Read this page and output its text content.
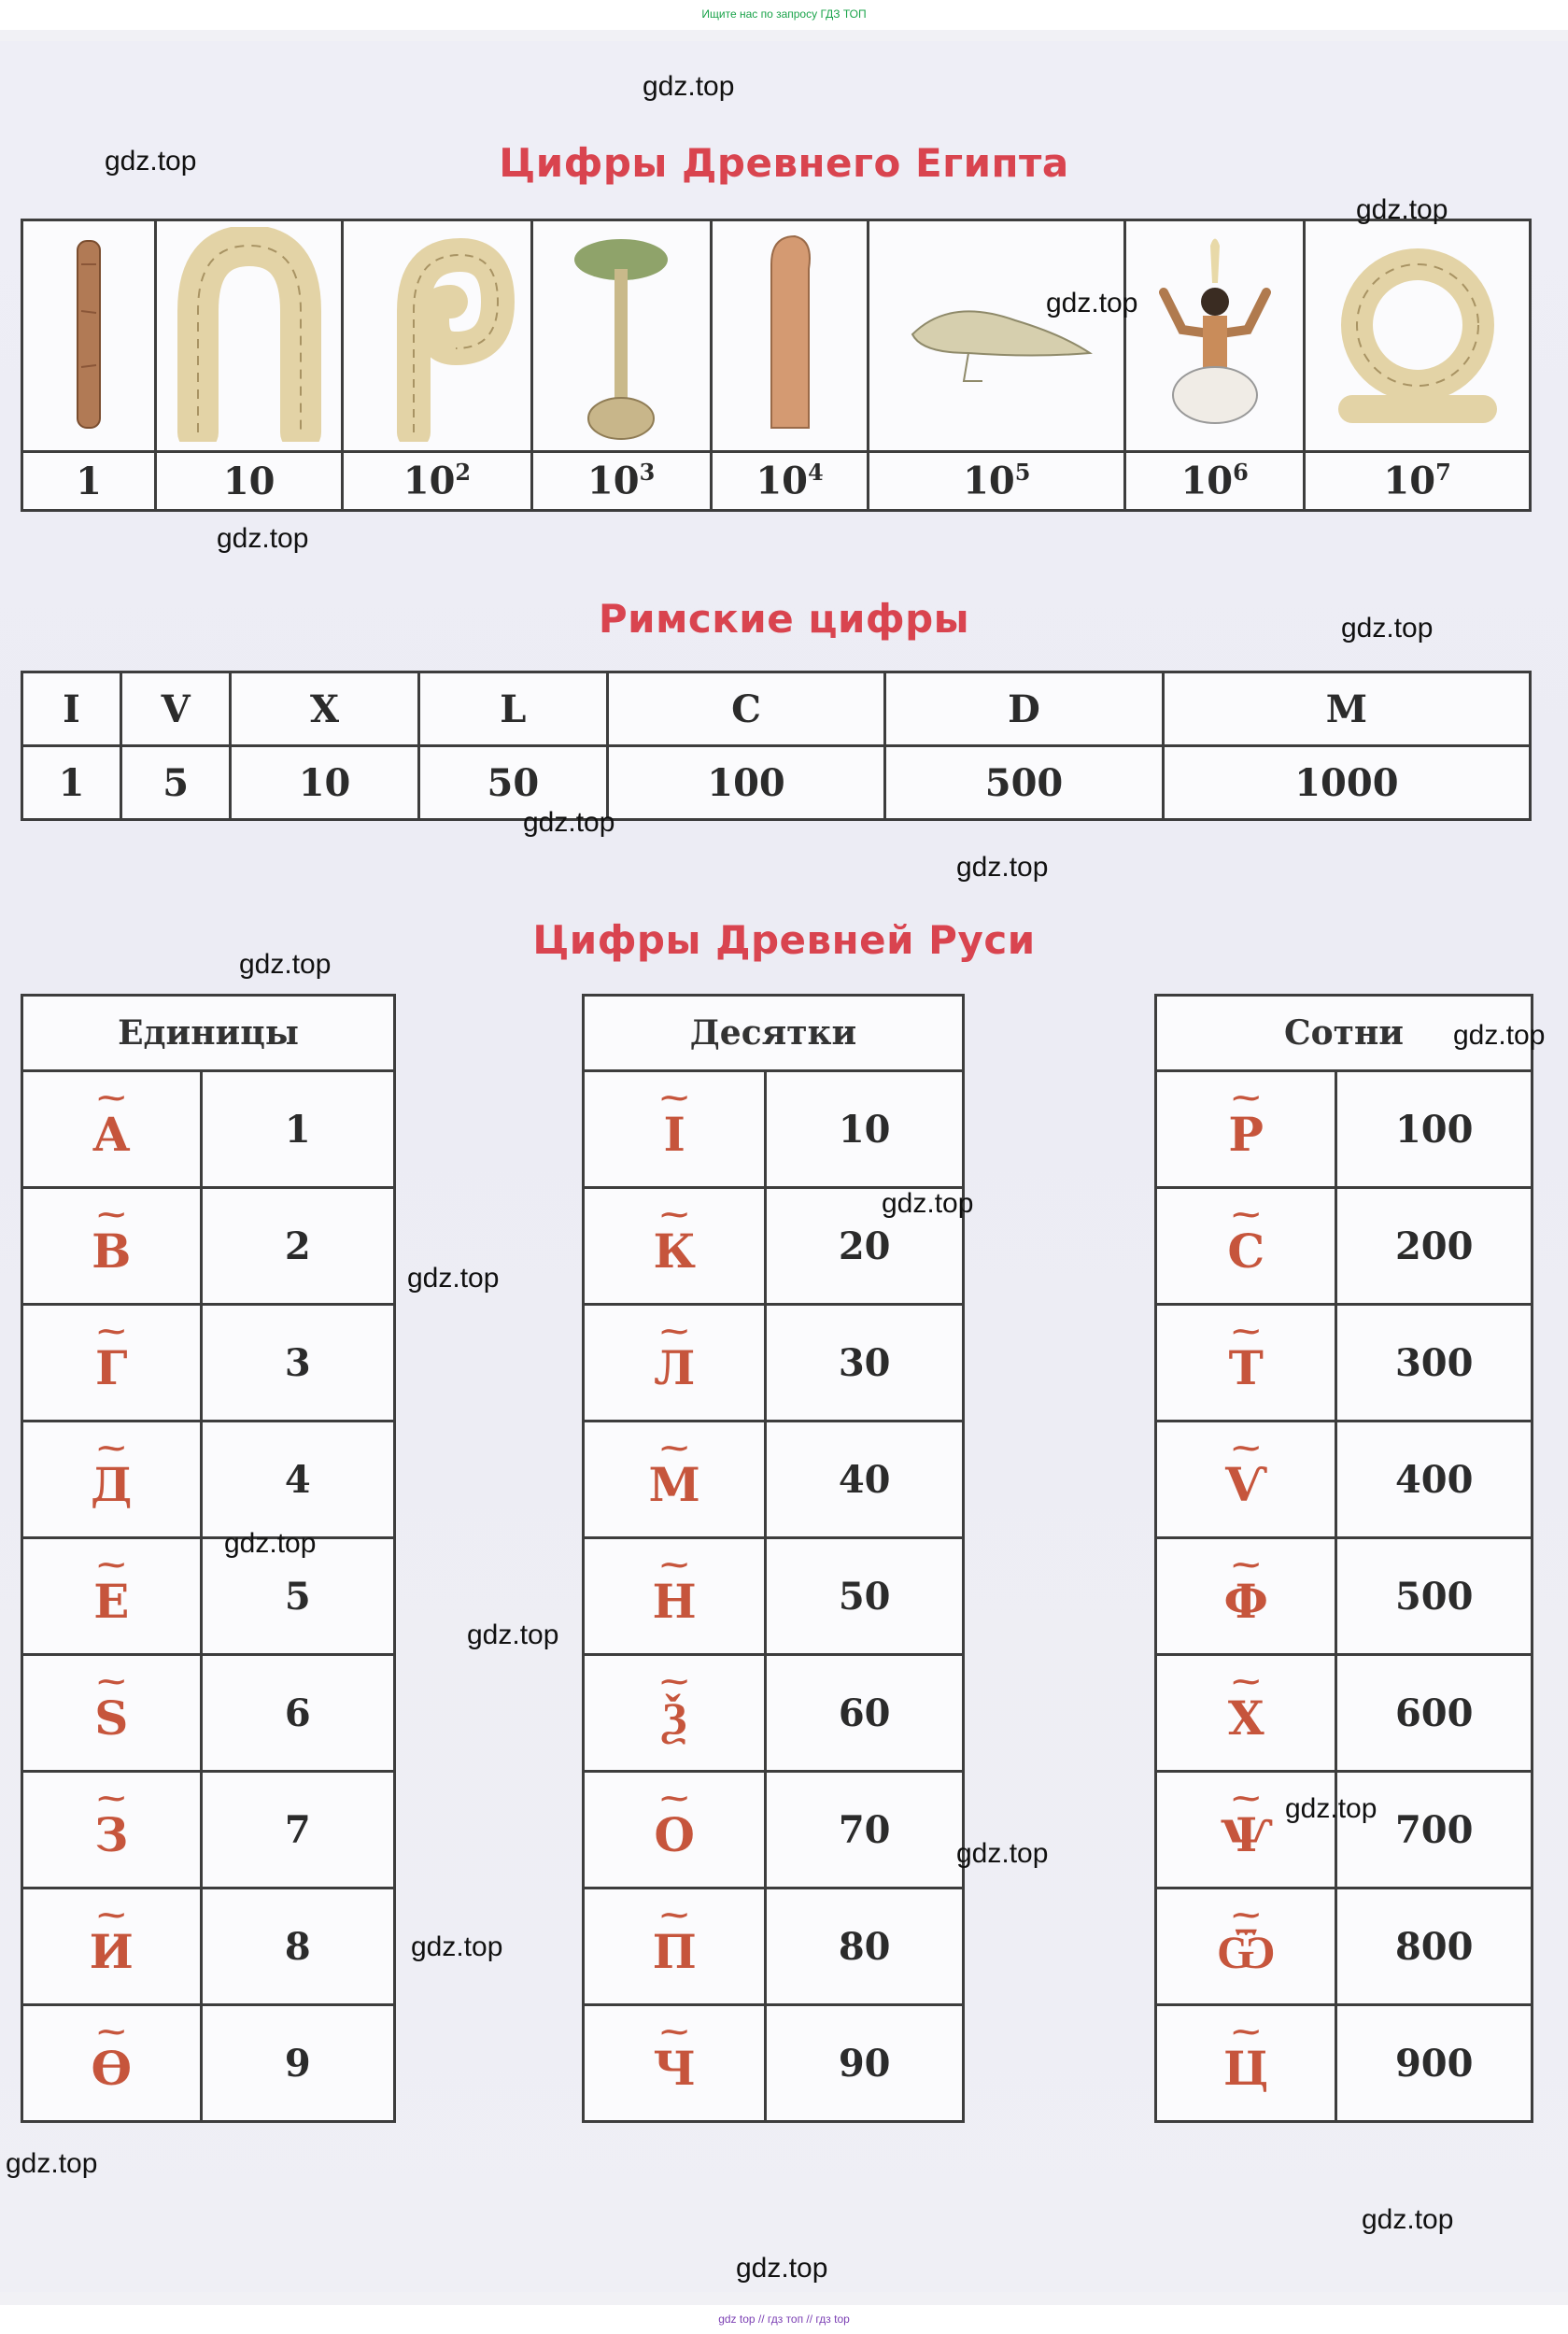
Ищите нас по запросу ГДЗ ТОП
Цифры Древнего Египта

1	10	$10^2$	$10^3$	$10^4$	$10^5$	$10^6$	$10^7$
Римские цифры
I	V	X	L	C	D	M
1	5	10	50	100	500	1000
Цифры Древней Руси
Единицы	

⁓
А	1

⁓
В	2

⁓
Г	3

⁓
Д	4

⁓
Е	5

⁓
Ѕ	6

⁓
З	7

⁓
И	8

⁓
Ѳ	9
Десятки	

⁓
І	10

⁓
К	20

⁓
Л	30

⁓
М	40

⁓
Н	50

⁓
Ѯ	60

⁓
О	70

⁓
П	80

⁓
Ч	90
Сотни	

⁓
Р	100

⁓
С	200

⁓
Т	300

⁓
Ѵ	400

⁓
Ф	500

⁓
Х	600

⁓
Ѱ	700

⁓
Ѿ	800

⁓
Ц	900
gdz.top
gdz.top
gdz.top
gdz.top
gdz.top
gdz.top
gdz.top
gdz.top
gdz.top
gdz.top
gdz.top
gdz.top
gdz.top
gdz.top
gdz.top
gdz.top
gdz.top
gdz.top
gdz.top
gdz.top
gdz top // гдз топ // гдз top
